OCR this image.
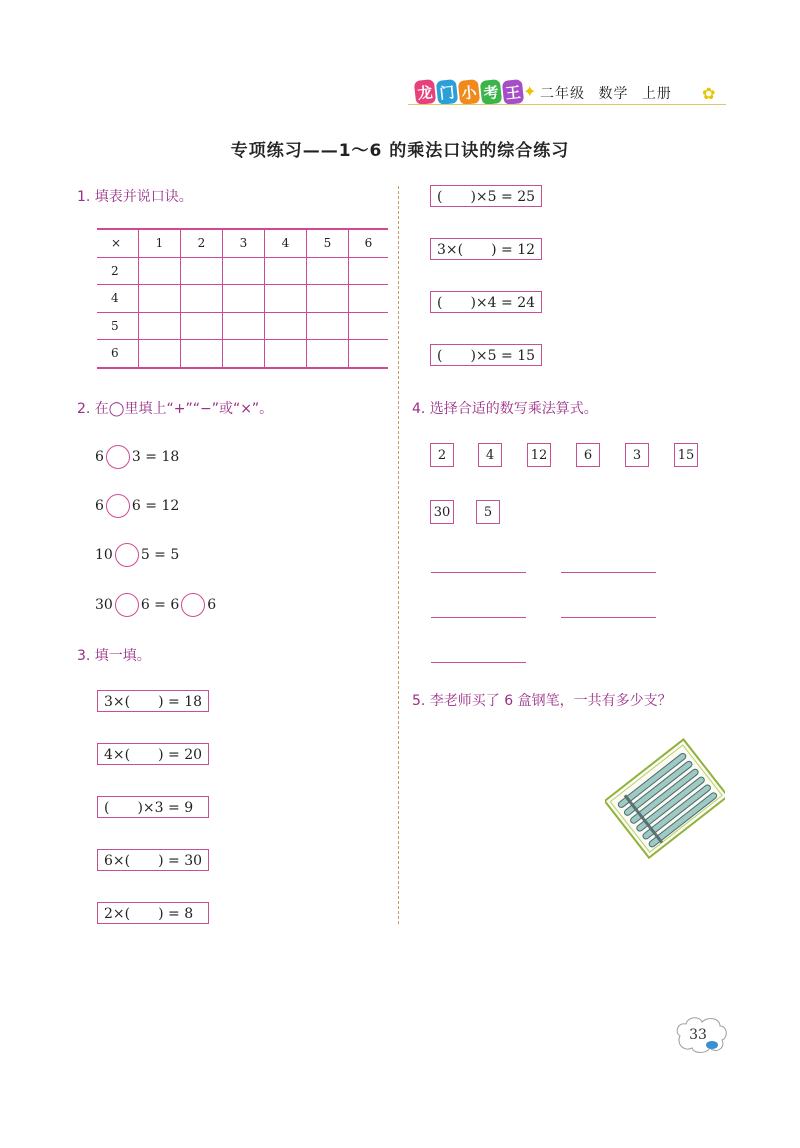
龙 门 小 考 王 ✦ 二年级 数学 上册	✿
专项练习——1～6 的乘法口诀的综合练习
1. 填表并说口诀。
×	1	2	3	4	5	6
2						
4						
5						
6						
2. 在◯里填上“+”“−”或“×”。
6 3 = 18
6 6 = 12
10 5 = 5
30 6 = 6 6
3. 填一填。
3×(　　) = 18
4×(　　) = 20
(　　)×3 = 9
6×(　　) = 30
2×(　　) = 8
(　　)×5 = 25
3×(　　) = 12
(　　)×4 = 24
(　　)×5 = 15
4. 选择合适的数写乘法算式。
2	4	12	6	3	15
30	5
5. 李老师买了 6 盒钢笔，一共有多少支？
33
